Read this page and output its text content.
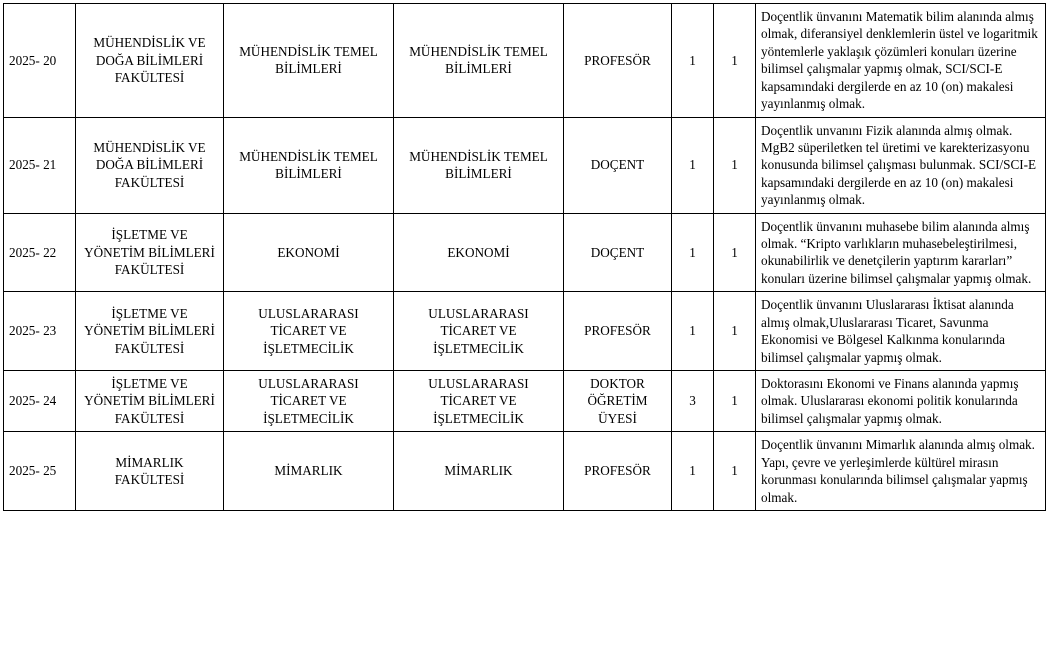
2025- 20	MÜHENDİSLİK VE DOĞA BİLİMLERİ FAKÜLTESİ	MÜHENDİSLİK TEMEL BİLİMLERİ	MÜHENDİSLİK TEMEL BİLİMLERİ	PROFESÖR	1	1	Doçentlik ünvanını Matematik bilim alanında almış olmak, diferansiyel denklemlerin üstel ve logaritmik yöntemlerle yaklaşık çözümleri konuları üzerine bilimsel çalışmalar yapmış olmak, SCI/SCI-E kapsamındaki dergilerde en az 10 (on) makalesi yayınlanmış olmak.
2025- 21	MÜHENDİSLİK VE DOĞA BİLİMLERİ FAKÜLTESİ	MÜHENDİSLİK TEMEL BİLİMLERİ	MÜHENDİSLİK TEMEL BİLİMLERİ	DOÇENT	1	1	Doçentlik unvanını Fizik alanında almış olmak. MgB2 süperiletken tel üretimi ve karekterizasyonu konusunda bilimsel çalışması bulunmak. SCI/SCI-E kapsamındaki dergilerde en az 10 (on) makalesi yayınlanmış olmak.
2025- 22	İŞLETME VE YÖNETİM BİLİMLERİ FAKÜLTESİ	EKONOMİ	EKONOMİ	DOÇENT	1	1	Doçentlik ünvanını muhasebe bilim alanında almış olmak. “Kripto varlıkların muhasebeleştirilmesi, okunabilirlik ve denetçilerin yaptırım kararları” konuları üzerine bilimsel çalışmalar yapmış olmak.
2025- 23	İŞLETME VE YÖNETİM BİLİMLERİ FAKÜLTESİ	ULUSLARARASI TİCARET VE İŞLETMECİLİK	ULUSLARARASI TİCARET VE İŞLETMECİLİK	PROFESÖR	1	1	Doçentlik ünvanını Uluslararası İktisat alanında almış olmak,Uluslararası Ticaret, Savunma Ekonomisi ve Bölgesel Kalkınma konularında bilimsel çalışmalar yapmış olmak.
2025- 24	İŞLETME VE YÖNETİM BİLİMLERİ FAKÜLTESİ	ULUSLARARASI TİCARET VE İŞLETMECİLİK	ULUSLARARASI TİCARET VE İŞLETMECİLİK	DOKTOR ÖĞRETİM ÜYESİ	3	1	Doktorasını Ekonomi ve Finans alanında yapmış olmak. Uluslararası ekonomi politik konularında bilimsel çalışmalar yapmış olmak.
2025- 25	MİMARLIK FAKÜLTESİ	MİMARLIK	MİMARLIK	PROFESÖR	1	1	Doçentlik ünvanını Mimarlık alanında almış olmak. Yapı, çevre ve yerleşimlerde kültürel mirasın korunması konularında bilimsel çalışmalar yapmış olmak.
